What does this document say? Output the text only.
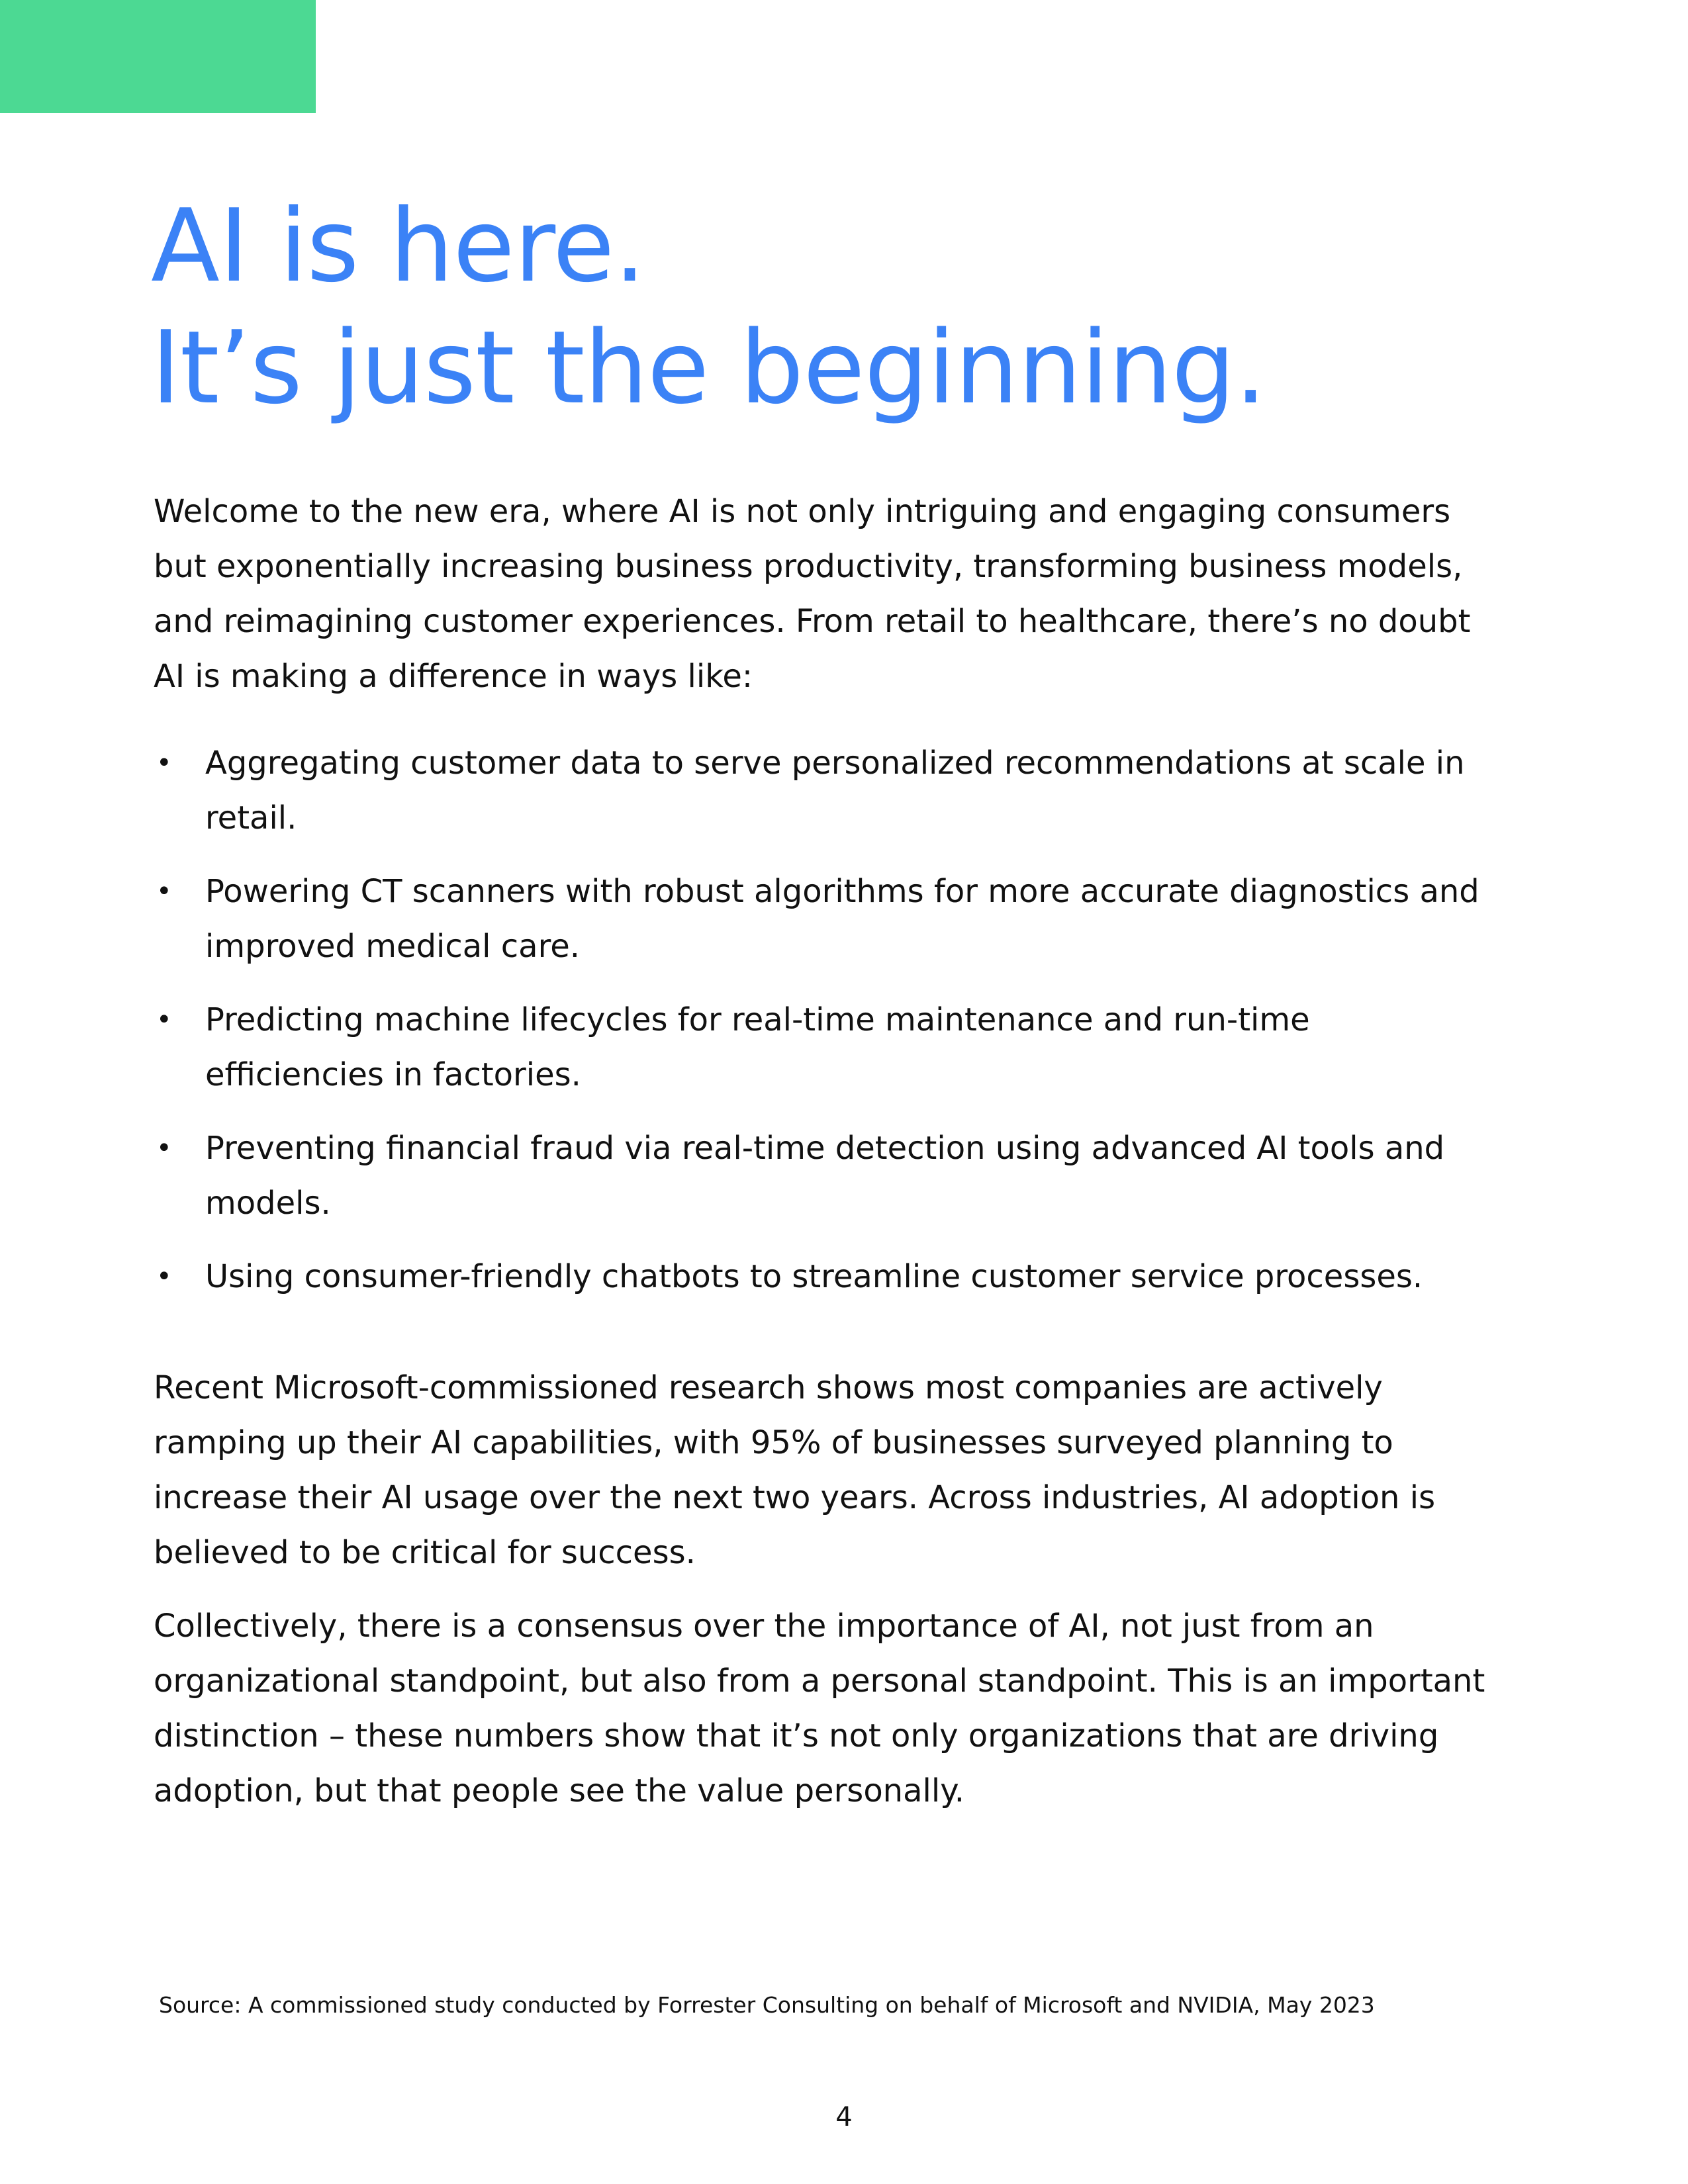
AI is here.
It’s just the beginning.

Welcome to the new era, where AI is not only intriguing and engaging consumers but exponentially increasing business productivity, transforming business models, and reimagining customer experiences. From retail to healthcare, there’s no doubt AI is making a difference in ways like:

• Aggregating customer data to serve personalized recommendations at scale in retail.
• Powering CT scanners with robust algorithms for more accurate diagnostics and improved medical care.
• Predicting machine lifecycles for real-time maintenance and run-time efficiencies in factories.
• Preventing financial fraud via real-time detection using advanced AI tools and models.
• Using consumer-friendly chatbots to streamline customer service processes.

Recent Microsoft-commissioned research shows most companies are actively ramping up their AI capabilities, with 95% of businesses surveyed planning to increase their AI usage over the next two years. Across industries, AI adoption is believed to be critical for success.

Collectively, there is a consensus over the importance of AI, not just from an organizational standpoint, but also from a personal standpoint. This is an important distinction – these numbers show that it’s not only organizations that are driving adoption, but that people see the value personally.

Source: A commissioned study conducted by Forrester Consulting on behalf of Microsoft and NVIDIA, May 2023

4
